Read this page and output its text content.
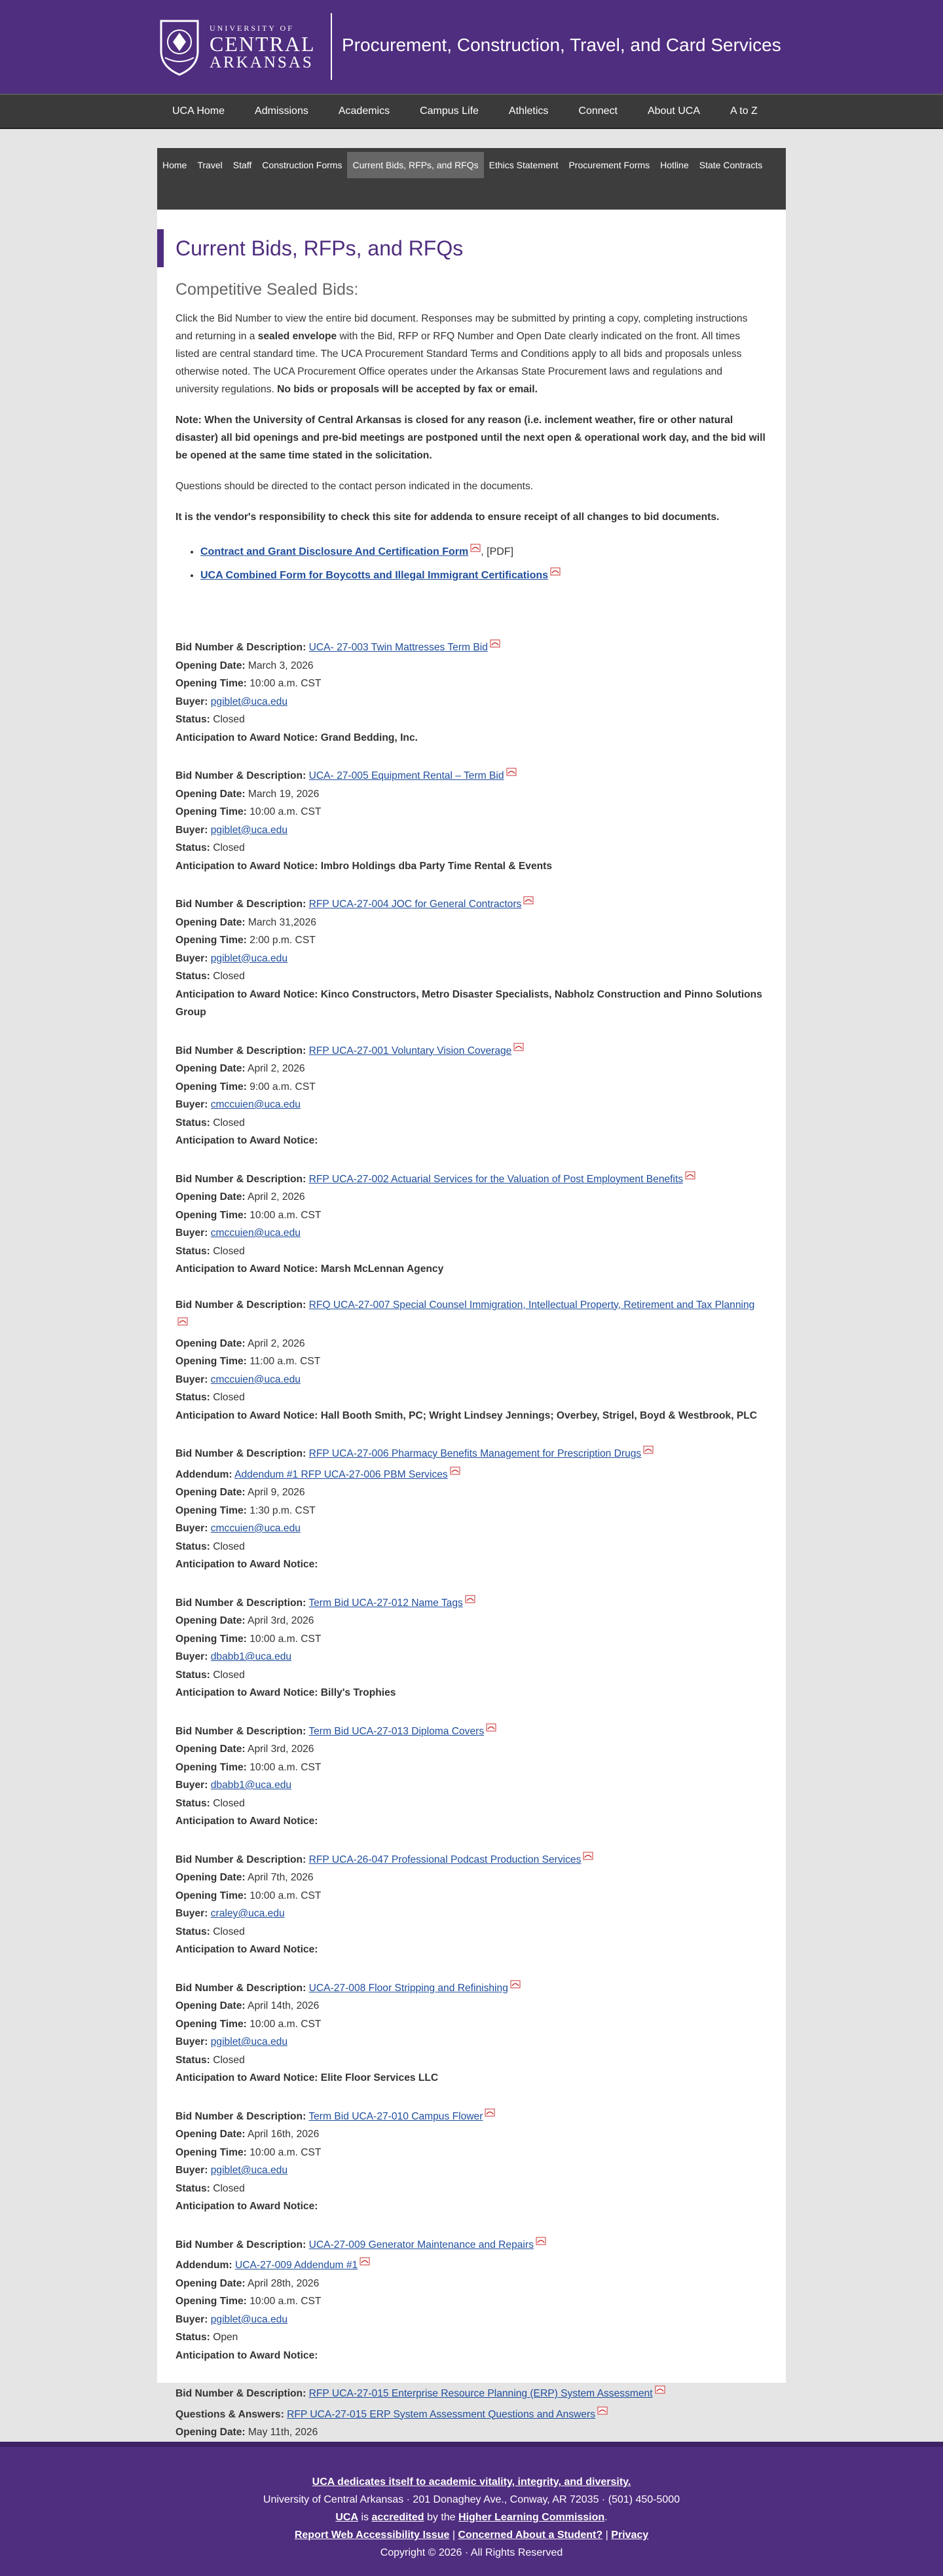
UNIVERSITY OF
CENTRAL
ARKANSAS
Procurement, Construction, Travel, and Card Services
UCA Home	Admissions	Academics	Campus Life	Athletics	Connect	About UCA	A to Z
Home	Travel	Staff	Construction Forms	Current Bids, RFPs, and RFQs	Ethics Statement	Procurement Forms	Hotline	State Contracts
Current Bids, RFPs, and RFQs
Competitive Sealed Bids:

Click the Bid Number to view the entire bid document. Responses may be submitted by printing a copy, completing instructions and returning in a sealed envelope with the Bid, RFP or RFQ Number and Open Date clearly indicated on the front. All times listed are central standard time. The UCA Procurement Standard Terms and Conditions apply to all bids and proposals unless otherwise noted. The UCA Procurement Office operates under the Arkansas State Procurement laws and regulations and university regulations. No bids or proposals will be accepted by fax or email.

Note: When the University of Central Arkansas is closed for any reason (i.e. inclement weather, fire or other natural disaster) all bid openings and pre-bid meetings are postponed until the next open & operational work day, and the bid will be opened at the same time stated in the solicitation.

Questions should be directed to the contact person indicated in the documents.

It is the vendor's responsibility to check this site for addenda to ensure receipt of all changes to bid documents.

• Contract and Grant Disclosure And Certification Form , [PDF]
• UCA Combined Form for Boycotts and Illegal Immigrant Certifications
Bid Number & Description: UCA- 27-003 Twin Mattresses Term Bid
Opening Date: March 3, 2026
Opening Time: 10:00 a.m. CST
Buyer: pgiblet@uca.edu
Status: Closed
Anticipation to Award Notice: Grand Bedding, Inc.
Bid Number & Description: UCA- 27-005 Equipment Rental – Term Bid
Opening Date: March 19, 2026
Opening Time: 10:00 a.m. CST
Buyer: pgiblet@uca.edu
Status: Closed
Anticipation to Award Notice: Imbro Holdings dba Party Time Rental & Events
Bid Number & Description: RFP UCA-27-004 JOC for General Contractors
Opening Date: March 31,2026
Opening Time: 2:00 p.m. CST
Buyer: pgiblet@uca.edu
Status: Closed
Anticipation to Award Notice: Kinco Constructors, Metro Disaster Specialists, Nabholz Construction and Pinno Solutions Group
Bid Number & Description: RFP UCA-27-001 Voluntary Vision Coverage
Opening Date: April 2, 2026
Opening Time: 9:00 a.m. CST
Buyer: cmccuien@uca.edu
Status: Closed
Anticipation to Award Notice:
Bid Number & Description: RFP UCA-27-002 Actuarial Services for the Valuation of Post Employment Benefits
Opening Date: April 2, 2026
Opening Time: 10:00 a.m. CST
Buyer: cmccuien@uca.edu
Status: Closed
Anticipation to Award Notice: Marsh McLennan Agency
Bid Number & Description: RFQ UCA-27-007 Special Counsel Immigration, Intellectual Property, Retirement and Tax Planning
Opening Date: April 2, 2026
Opening Time: 11:00 a.m. CST
Buyer: cmccuien@uca.edu
Status: Closed
Anticipation to Award Notice: Hall Booth Smith, PC; Wright Lindsey Jennings; Overbey, Strigel, Boyd & Westbrook, PLC
Bid Number & Description: RFP UCA-27-006 Pharmacy Benefits Management for Prescription Drugs
Addendum: Addendum #1 RFP UCA-27-006 PBM Services
Opening Date: April 9, 2026
Opening Time: 1:30 p.m. CST
Buyer: cmccuien@uca.edu
Status: Closed
Anticipation to Award Notice:
Bid Number & Description: Term Bid UCA-27-012 Name Tags
Opening Date: April 3rd, 2026
Opening Time: 10:00 a.m. CST
Buyer: dbabb1@uca.edu
Status: Closed
Anticipation to Award Notice: Billy's Trophies
Bid Number & Description: Term Bid UCA-27-013 Diploma Covers
Opening Date: April 3rd, 2026
Opening Time: 10:00 a.m. CST
Buyer: dbabb1@uca.edu
Status: Closed
Anticipation to Award Notice:
Bid Number & Description: RFP UCA-26-047 Professional Podcast Production Services
Opening Date: April 7th, 2026
Opening Time: 10:00 a.m. CST
Buyer: craley@uca.edu
Status: Closed
Anticipation to Award Notice:
Bid Number & Description: UCA-27-008 Floor Stripping and Refinishing
Opening Date: April 14th, 2026
Opening Time: 10:00 a.m. CST
Buyer: pgiblet@uca.edu
Status: Closed
Anticipation to Award Notice: Elite Floor Services LLC
Bid Number & Description: Term Bid UCA-27-010 Campus Flower
Opening Date: April 16th, 2026
Opening Time: 10:00 a.m. CST
Buyer: pgiblet@uca.edu
Status: Closed
Anticipation to Award Notice:
Bid Number & Description: UCA-27-009 Generator Maintenance and Repairs
Addendum: UCA-27-009 Addendum #1
Opening Date: April 28th, 2026
Opening Time: 10:00 a.m. CST
Buyer: pgiblet@uca.edu
Status: Open
Anticipation to Award Notice:
Bid Number & Description: RFP UCA-27-015 Enterprise Resource Planning (ERP) System Assessment
Questions & Answers: RFP UCA-27-015 ERP System Assessment Questions and Answers
Opening Date: May 11th, 2026
UCA dedicates itself to academic vitality, integrity, and diversity.
University of Central Arkansas · 201 Donaghey Ave., Conway, AR 72035 · (501) 450-5000
UCA is accredited by the Higher Learning Commission.
Report Web Accessibility Issue | Concerned About a Student? | Privacy
Copyright © 2026 · All Rights Reserved
